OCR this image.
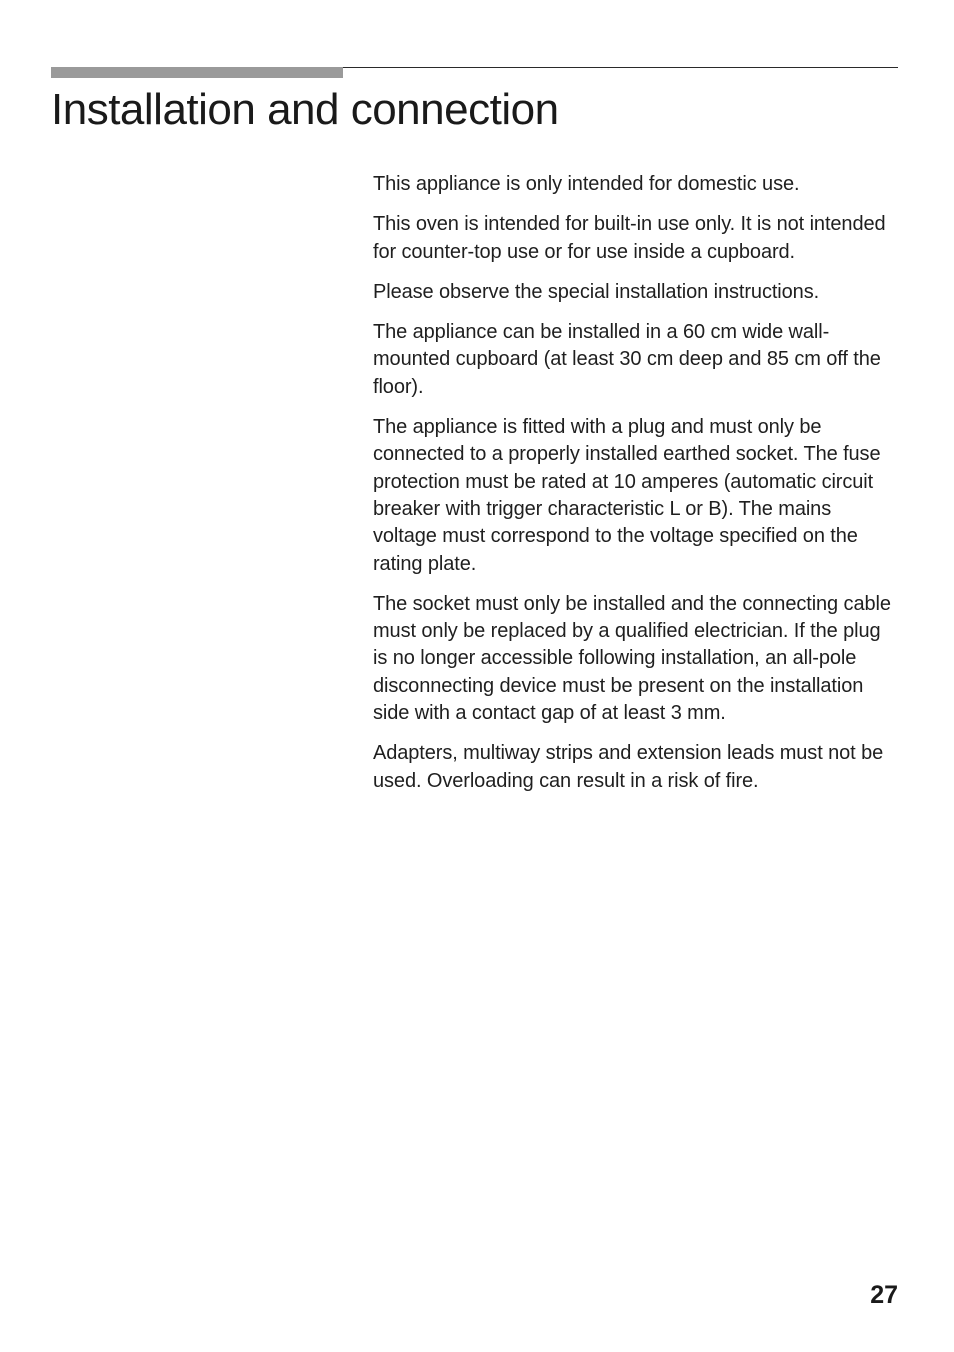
Installation and connection

This appliance is only intended for domestic use.

This oven is intended for built-in use only. It is not intended for counter-top use or for use inside a cupboard.

Please observe the special installation instructions.

The appliance can be installed in a 60 cm wide wall-mounted cupboard (at least 30 cm deep and 85 cm off the floor).

The appliance is fitted with a plug and must only be connected to a properly installed earthed socket. The fuse protection must be rated at 10 amperes (automatic circuit breaker with trigger characteristic L or B). The mains voltage must correspond to the voltage specified on the rating plate.

The socket must only be installed and the connecting cable must only be replaced by a qualified electrician. If the plug is no longer accessible following installation, an all-pole disconnecting device must be present on the installation side with a contact gap of at least 3 mm.

Adapters, multiway strips and extension leads must not be used. Overloading can result in a risk of fire.

27
